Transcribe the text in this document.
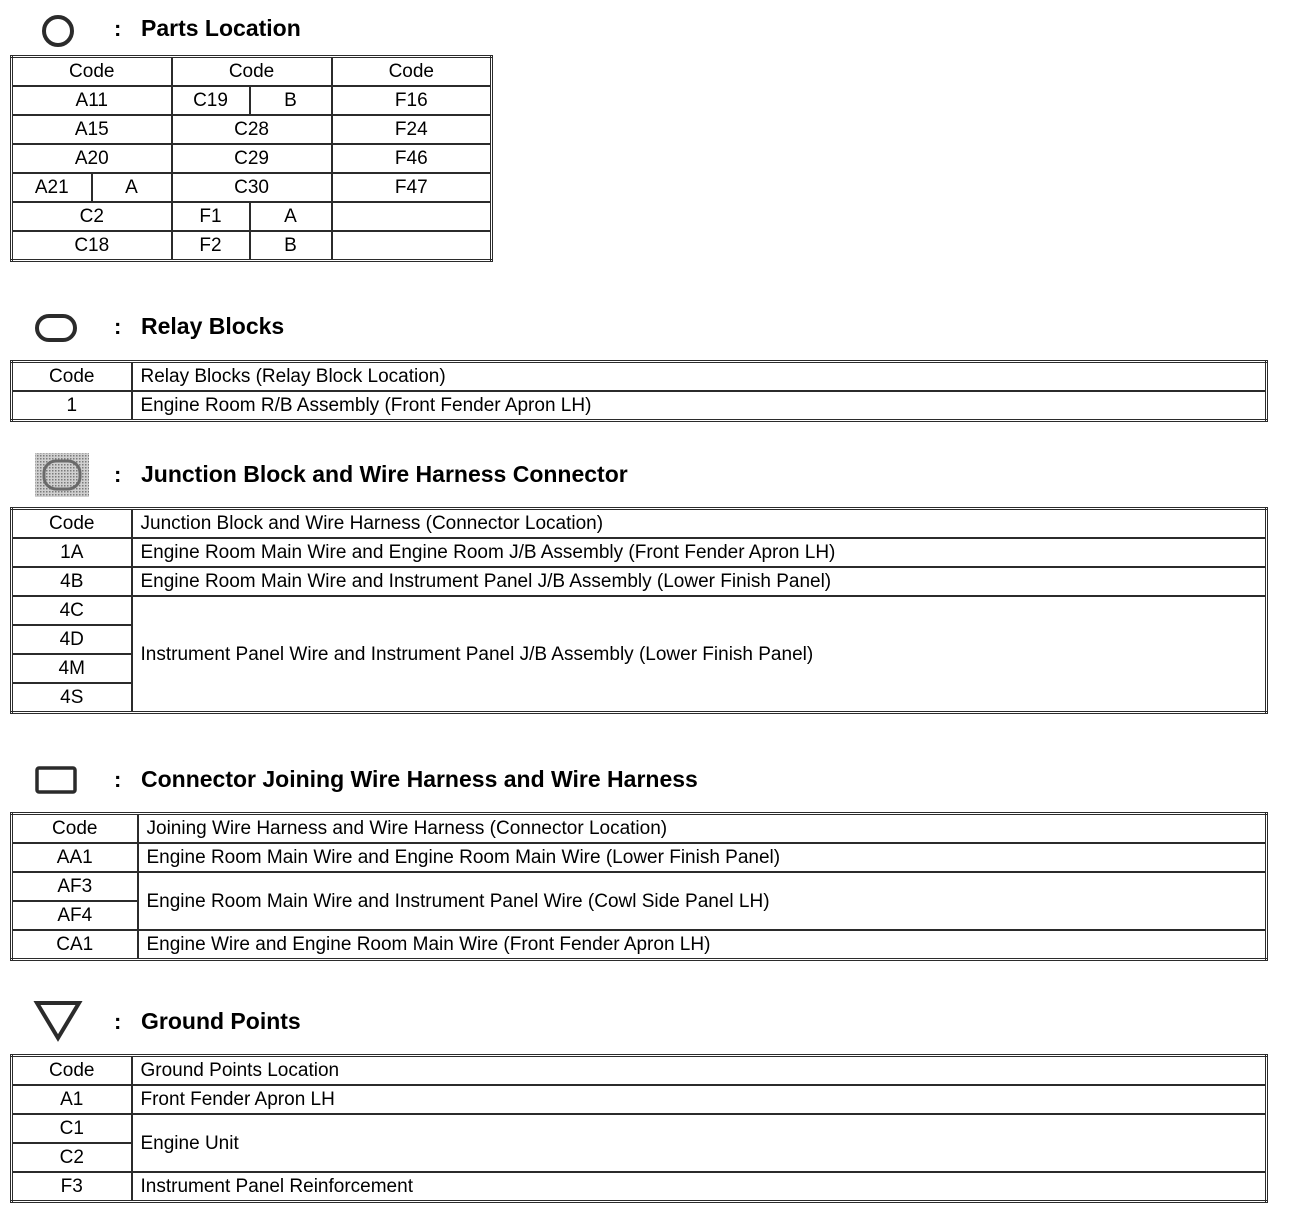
: Parts Location
Code		Code		Code
A11		C19	B	F16
A15		C28		F24
A20		C29		F46
A21	A	C30		F47
C2		F1	A	
C18		F2	B	
: Relay Blocks
Code	Relay Blocks (Relay Block Location)
1	Engine Room R/B Assembly (Front Fender Apron LH)
: Junction Block and Wire Harness Connector
Code	Junction Block and Wire Harness (Connector Location)
1A	Engine Room Main Wire and Engine Room J/B Assembly (Front Fender Apron LH)
4B	Engine Room Main Wire and Instrument Panel J/B Assembly (Lower Finish Panel)
4C	Instrument Panel Wire and Instrument Panel J/B Assembly (Lower Finish Panel)
4D	
4M	
4S	
: Connector Joining Wire Harness and Wire Harness
Code	Joining Wire Harness and Wire Harness (Connector Location)
AA1	Engine Room Main Wire and Engine Room Main Wire (Lower Finish Panel)
AF3	Engine Room Main Wire and Instrument Panel Wire (Cowl Side Panel LH)
AF4	
CA1	Engine Wire and Engine Room Main Wire (Front Fender Apron LH)
: Ground Points
Code	Ground Points Location
A1	Front Fender Apron LH
C1	Engine Unit
C2	
F3	Instrument Panel Reinforcement
